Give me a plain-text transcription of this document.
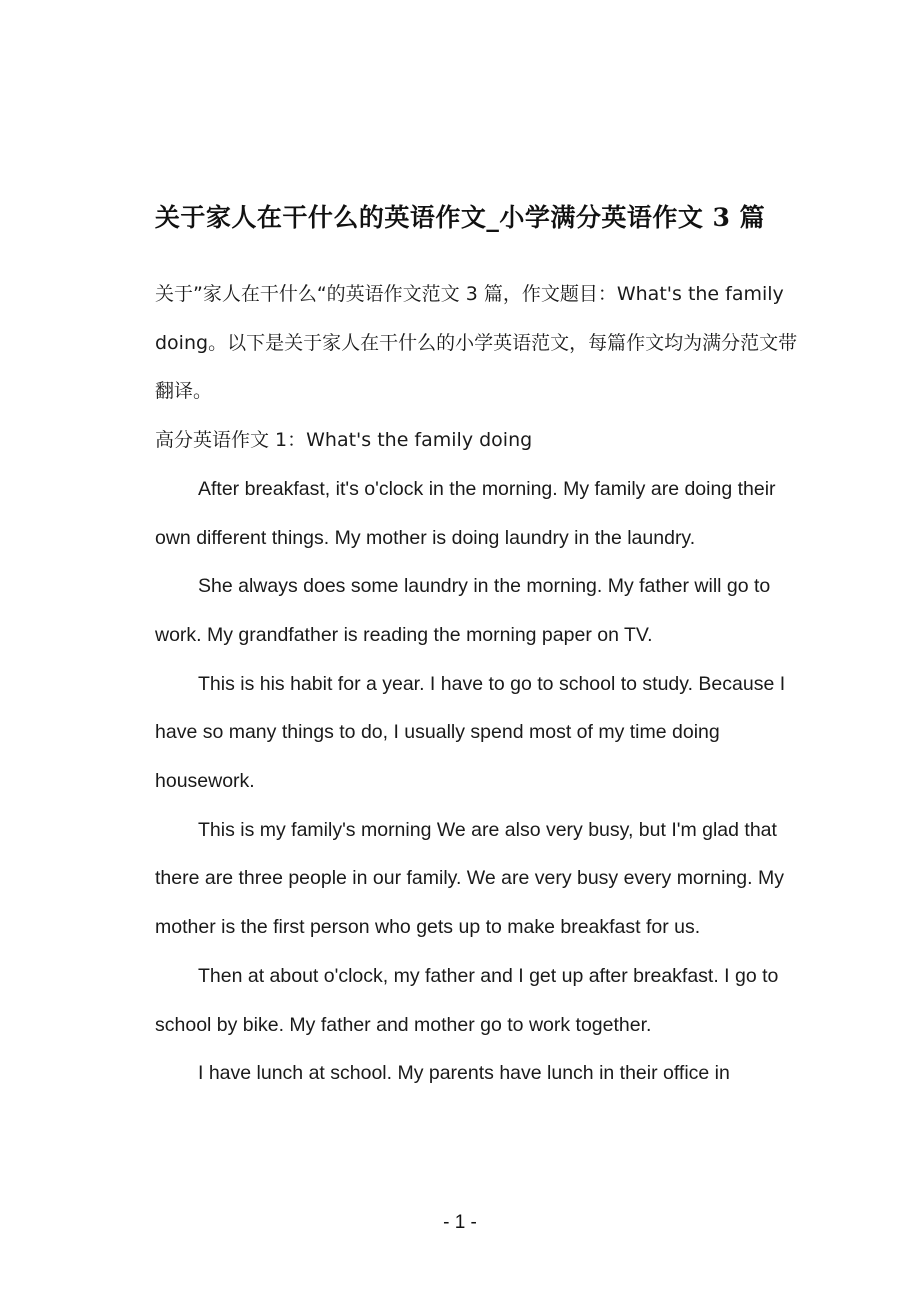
关于家人在干什么的英语作文_小学满分英语作文 3 篇

关于”家人在干什么“的英语作文范文 3 篇，作文题目：What's the family doing。以下是关于家人在干什么的小学英语范文，每篇作文均为满分范文带翻译。

高分英语作文 1：What's the family doing

After breakfast, it's o'clock in the morning. My family are doing their own different things. My mother is doing laundry in the laundry.

She always does some laundry in the morning. My father will go to work. My grandfather is reading the morning paper on TV.

This is his habit for a year. I have to go to school to study. Because I have so many things to do, I usually spend most of my time doing housework.

This is my family's morning We are also very busy, but I'm glad that there are three people in our family. We are very busy every morning. My mother is the first person who gets up to make breakfast for us.

Then at about o'clock, my father and I get up after breakfast. I go to school by bike. My father and mother go to work together.

I have lunch at school. My parents have lunch in their office in

- 1 -
